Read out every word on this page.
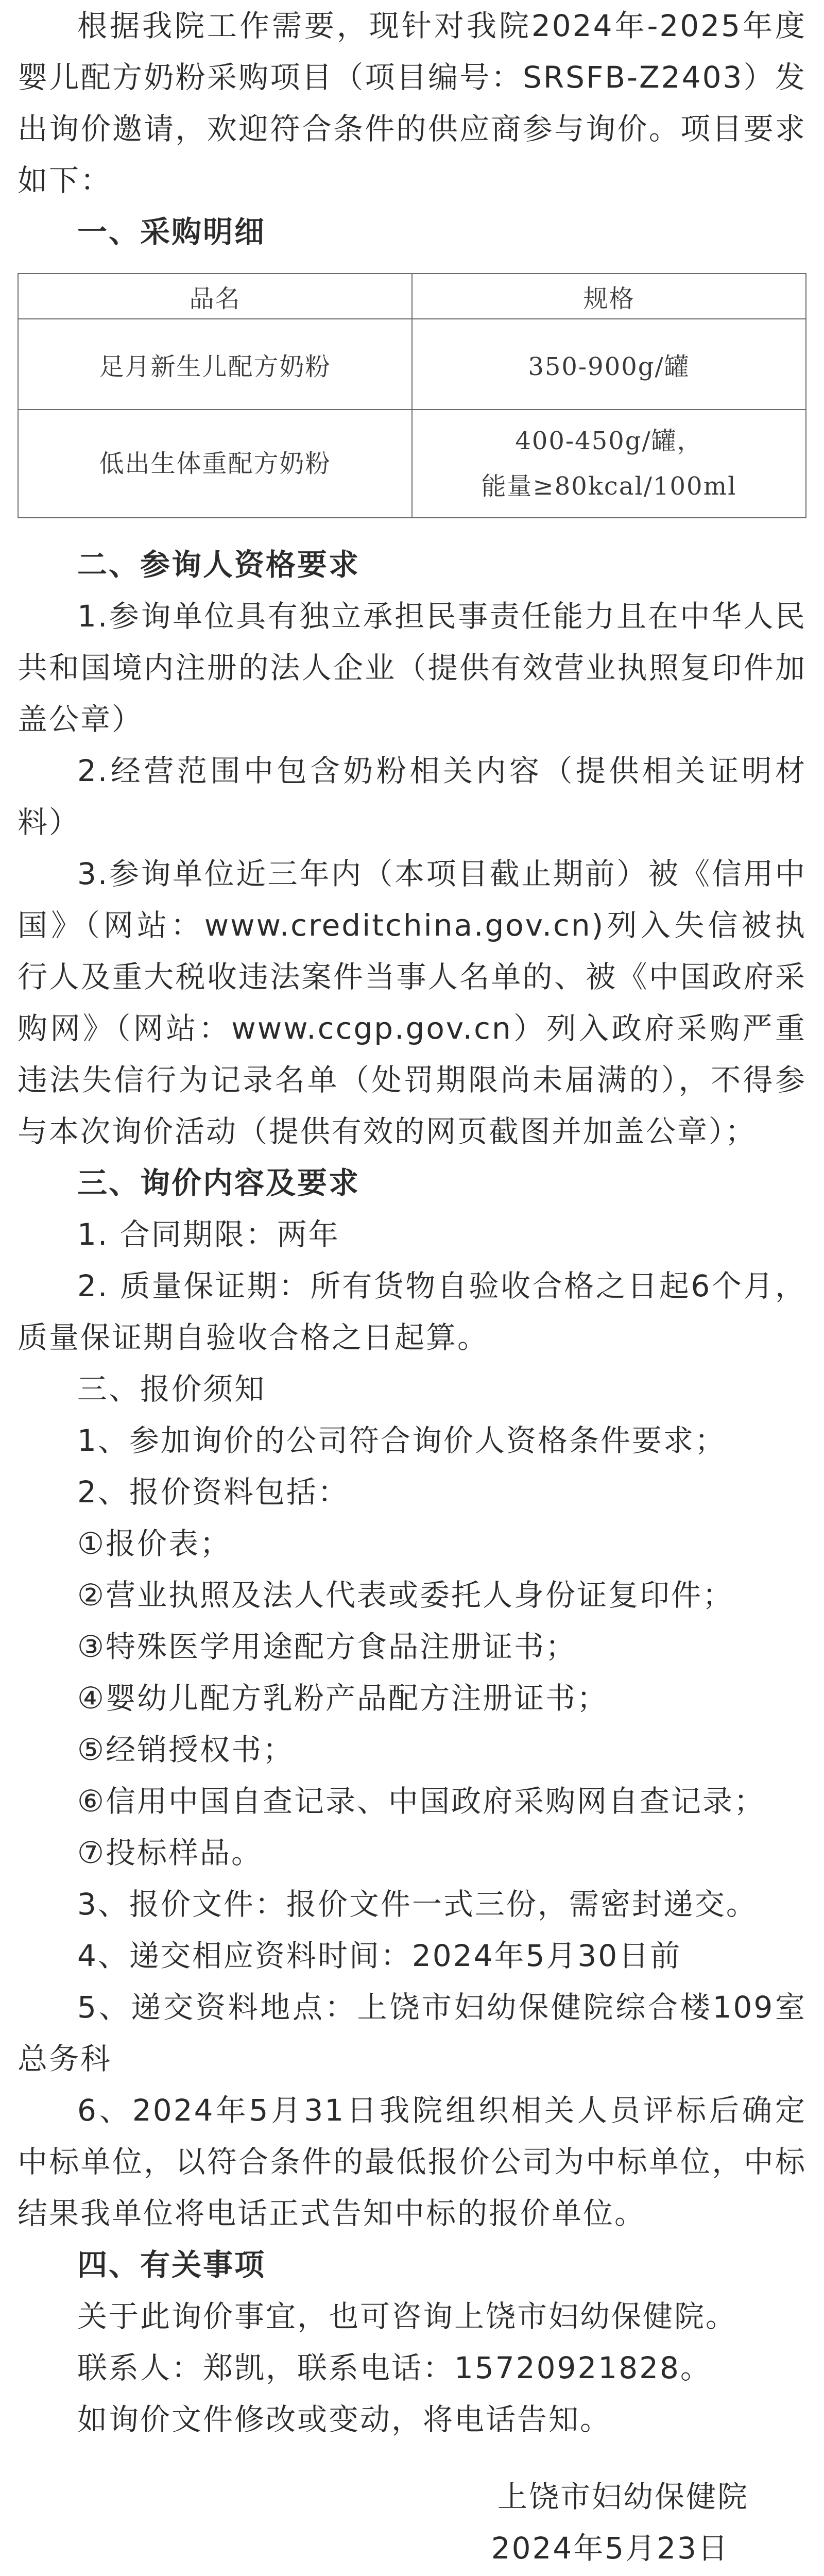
根据我院工作需要，现针对我院2024年-2025年度婴儿配方奶粉采购项目（项目编号：SRSFB-Z2403）发出询价邀请，欢迎符合条件的供应商参与询价。项目要求如下：

一、采购明细

品名	规格
足月新生儿配方奶粉	350-900g/罐

低出生体重配方奶粉	400-450g/罐，
能量≥80kcal/100ml

二、参询人资格要求

1.参询单位具有独立承担民事责任能力且在中华人民共和国境内注册的法人企业（提供有效营业执照复印件加盖公章）

2.经营范围中包含奶粉相关内容（提供相关证明材料）

3.参询单位近三年内（本项目截止期前）被《信用中国》（网站：www.creditchina.gov.cn)列入失信被执行人及重大税收违法案件当事人名单的、被《中国政府采购网》（网站：www.ccgp.gov.cn）列入政府采购严重违法失信行为记录名单（处罚期限尚未届满的），不得参与本次询价活动（提供有效的网页截图并加盖公章）；

三、询价内容及要求

1. 合同期限：两年

2. 质量保证期：所有货物自验收合格之日起6个月，质量保证期自验收合格之日起算。

三、报价须知

1、参加询价的公司符合询价人资格条件要求；

2、报价资料包括：

①报价表；

②营业执照及法人代表或委托人身份证复印件；

③特殊医学用途配方食品注册证书；

④婴幼儿配方乳粉产品配方注册证书；

⑤经销授权书；

⑥信用中国自查记录、中国政府采购网自查记录；

⑦投标样品。

3、报价文件：报价文件一式三份，需密封递交。

4、递交相应资料时间：2024年5月30日前

5、递交资料地点：上饶市妇幼保健院综合楼109室总务科

6、2024年5月31日我院组织相关人员评标后确定中标单位，以符合条件的最低报价公司为中标单位，中标结果我单位将电话正式告知中标的报价单位。

四、有关事项

关于此询价事宜，也可咨询上饶市妇幼保健院。

联系人：郑凯，联系电话：15720921828。

如询价文件修改或变动，将电话告知。

上饶市妇幼保健院

2024年5月23日
